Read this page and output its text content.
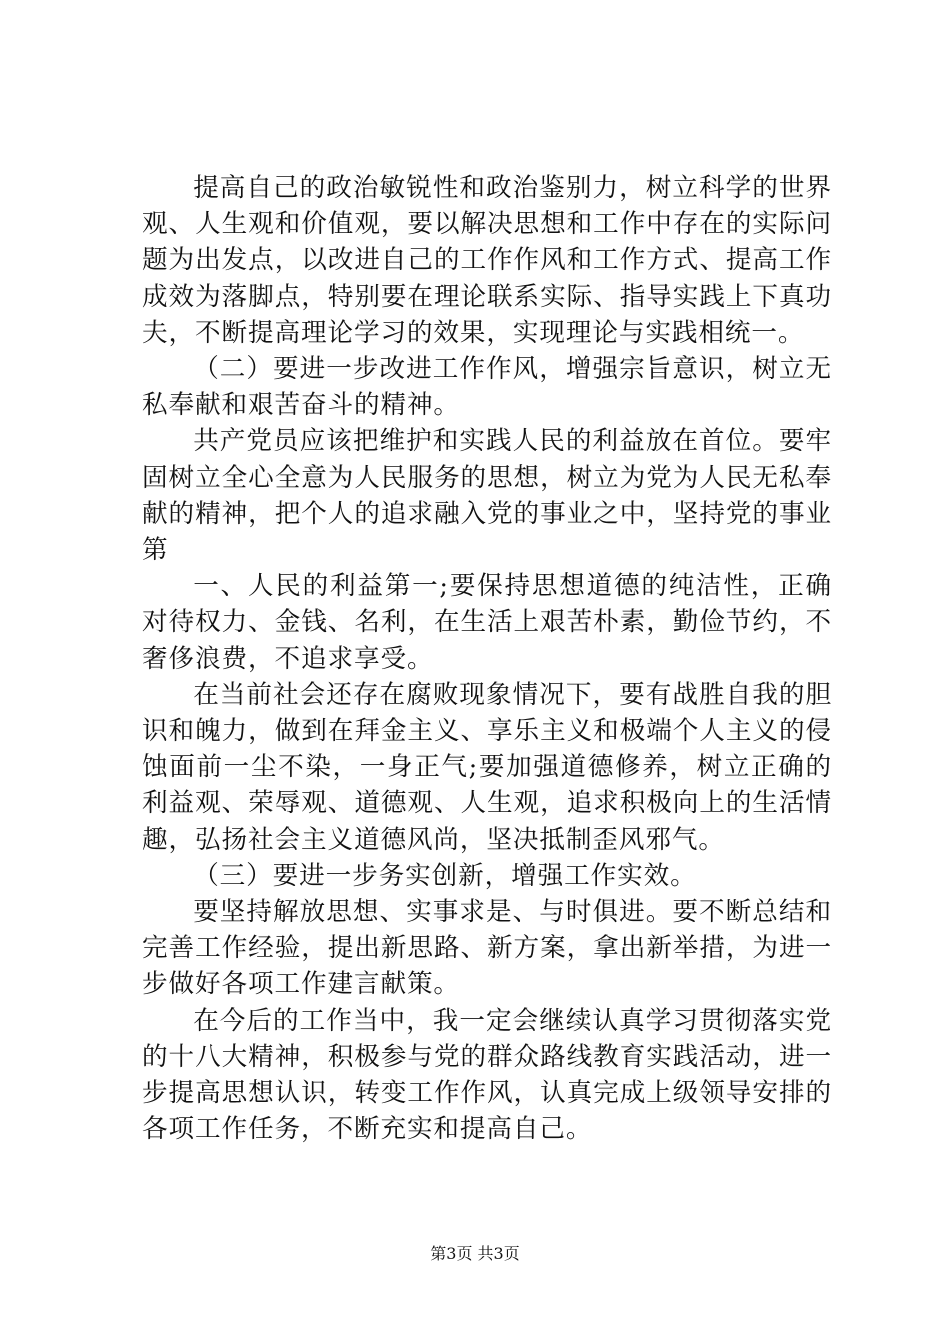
提高自己的政治敏锐性和政治鉴别力，树立科学的世界观、人生观和价值观，要以解决思想和工作中存在的实际问题为出发点，以改进自己的工作作风和工作方式、提高工作成效为落脚点，特别要在理论联系实际、指导实践上下真功夫，不断提高理论学习的效果，实现理论与实践相统一。

（二）要进一步改进工作作风，增强宗旨意识，树立无私奉献和艰苦奋斗的精神。

共产党员应该把维护和实践人民的利益放在首位。要牢固树立全心全意为人民服务的思想，树立为党为人民无私奉献的精神，把个人的追求融入党的事业之中，坚持党的事业第

一、人民的利益第一;要保持思想道德的纯洁性，正确对待权力、金钱、名利，在生活上艰苦朴素，勤俭节约，不奢侈浪费，不追求享受。

在当前社会还存在腐败现象情况下，要有战胜自我的胆识和魄力，做到在拜金主义、享乐主义和极端个人主义的侵蚀面前一尘不染，一身正气;要加强道德修养，树立正确的利益观、荣辱观、道德观、人生观，追求积极向上的生活情趣，弘扬社会主义道德风尚，坚决抵制歪风邪气。

（三）要进一步务实创新，增强工作实效。

要坚持解放思想、实事求是、与时俱进。要不断总结和完善工作经验，提出新思路、新方案，拿出新举措，为进一步做好各项工作建言献策。

在今后的工作当中，我一定会继续认真学习贯彻落实党的十八大精神，积极参与党的群众路线教育实践活动，进一步提高思想认识，转变工作作风，认真完成上级领导安排的各项工作任务，不断充实和提高自己。

第3页 共3页
